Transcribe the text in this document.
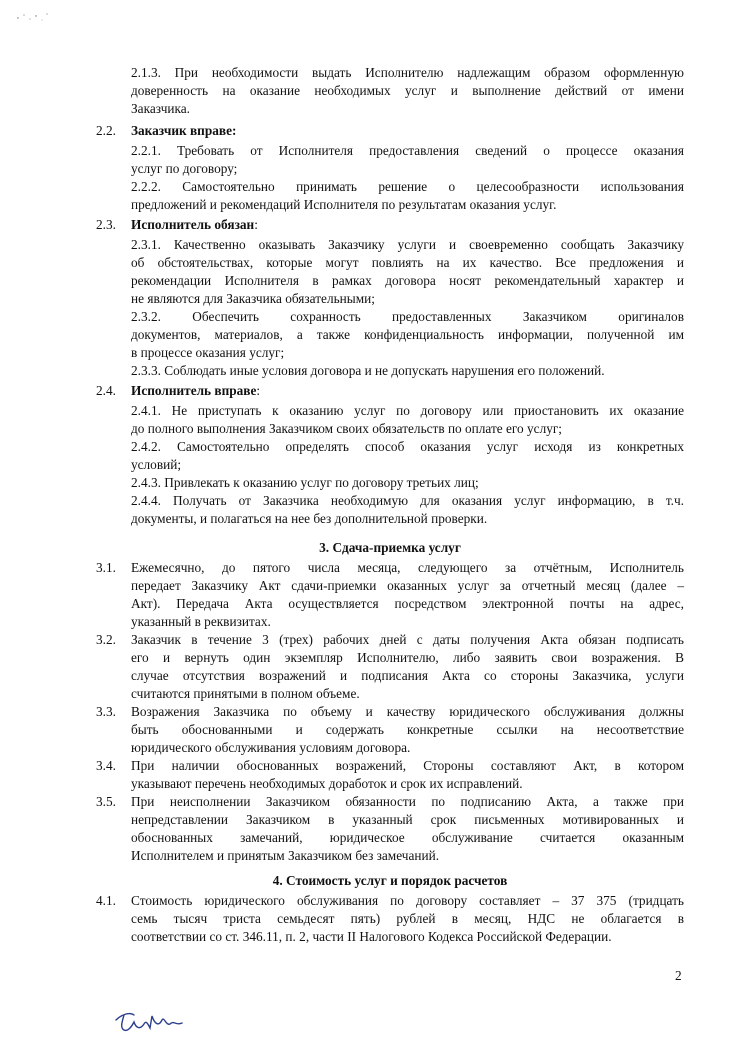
2.1.3. При необходимости выдать Исполнителю надлежащим образом оформленную

доверенность на оказание необходимых услуг и выполнение действий от имени

Заказчика.

2.2. Заказчик вправе:

2.2.1. Требовать от Исполнителя предоставления сведений о процессе оказания

услуг по договору;

2.2.2. Самостоятельно принимать решение о целесообразности использования

предложений и рекомендаций Исполнителя по результатам оказания услуг.

2.3. Исполнитель обязан:

2.3.1. Качественно оказывать Заказчику услуги и своевременно сообщать Заказчику

об обстоятельствах, которые могут повлиять на их качество. Все предложения и

рекомендации Исполнителя в рамках договора носят рекомендательный характер и

не являются для Заказчика обязательными;

2.3.2. Обеспечить сохранность предоставленных Заказчиком оригиналов

документов, материалов, а также конфиденциальность информации, полученной им

в процессе оказания услуг;

2.3.3. Соблюдать иные условия договора и не допускать нарушения его положений.

2.4. Исполнитель вправе:

2.4.1. Не приступать к оказанию услуг по договору или приостановить их оказание

до полного выполнения Заказчиком своих обязательств по оплате его услуг;

2.4.2. Самостоятельно определять способ оказания услуг исходя из конкретных

условий;

2.4.3. Привлекать к оказанию услуг по договору третьих лиц;

2.4.4. Получать от Заказчика необходимую для оказания услуг информацию, в т.ч.

документы, и полагаться на нее без дополнительной проверки.

3. Сдача-приемка услуг

3.1. Ежемесячно, до пятого числа месяца, следующего за отчётным, Исполнитель

передает Заказчику Акт сдачи-приемки оказанных услуг за отчетный месяц (далее –

Акт). Передача Акта осуществляется посредством электронной почты на адрес,

указанный в реквизитах.

3.2. Заказчик в течение 3 (трех) рабочих дней с даты получения Акта обязан подписать

его и вернуть один экземпляр Исполнителю, либо заявить свои возражения. В

случае отсутствия возражений и подписания Акта со стороны Заказчика, услуги

считаются принятыми в полном объеме.

3.3. Возражения Заказчика по объему и качеству юридического обслуживания должны

быть обоснованными и содержать конкретные ссылки на несоответствие

юридического обслуживания условиям договора.

3.4. При наличии обоснованных возражений, Стороны составляют Акт, в котором

указывают перечень необходимых доработок и срок их исправлений.

3.5. При неисполнении Заказчиком обязанности по подписанию Акта, а также при

непредставлении Заказчиком в указанный срок письменных мотивированных и

обоснованных замечаний, юридическое обслуживание считается оказанным

Исполнителем и принятым Заказчиком без замечаний.

4. Стоимость услуг и порядок расчетов

4.1. Стоимость юридического обслуживания по договору составляет – 37 375 (тридцать

семь тысяч триста семьдесят пять) рублей в месяц, НДС не облагается в

соответствии со ст. 346.11, п. 2, части II Налогового Кодекса Российской Федерации.

2
